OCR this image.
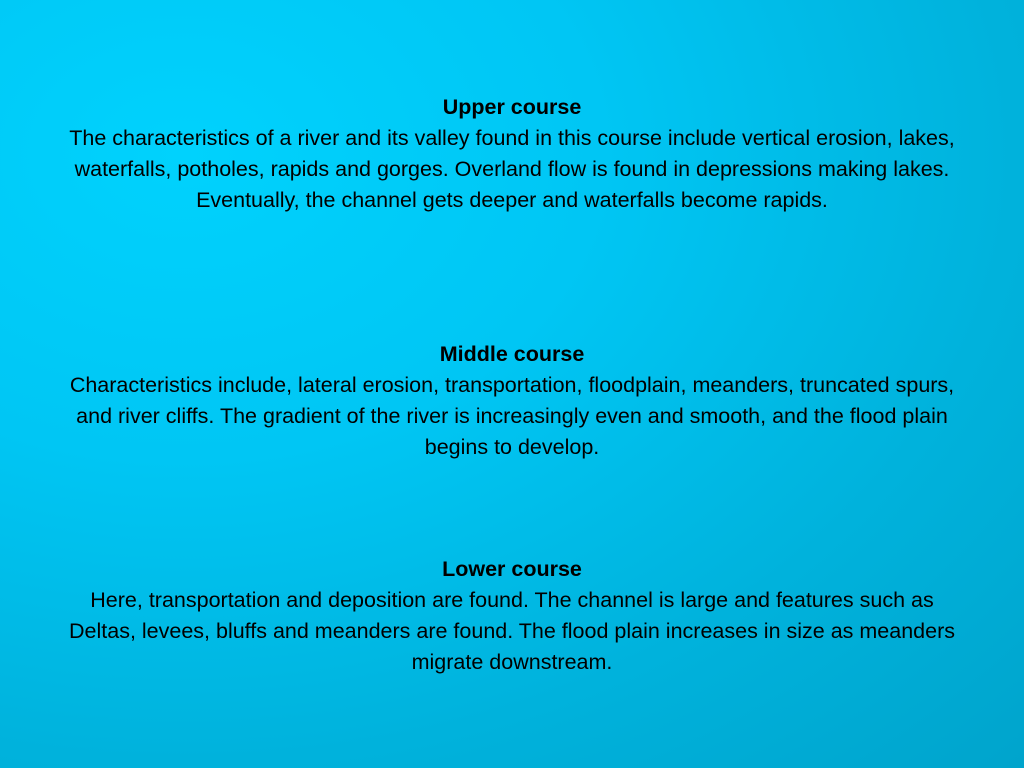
Upper course
The characteristics of a river and its valley found in this course include vertical erosion, lakes, waterfalls, potholes, rapids and gorges. Overland flow is found in depressions making lakes. Eventually, the channel gets deeper and waterfalls become rapids.
Middle course
Characteristics include, lateral erosion, transportation, floodplain, meanders, truncated spurs, and river cliffs. The gradient of the river is increasingly even and smooth, and the flood plain begins to develop.
Lower course
Here, transportation and deposition are found. The channel is large and features such as Deltas, levees, bluffs and meanders are found. The flood plain increases in size as meanders migrate downstream.
